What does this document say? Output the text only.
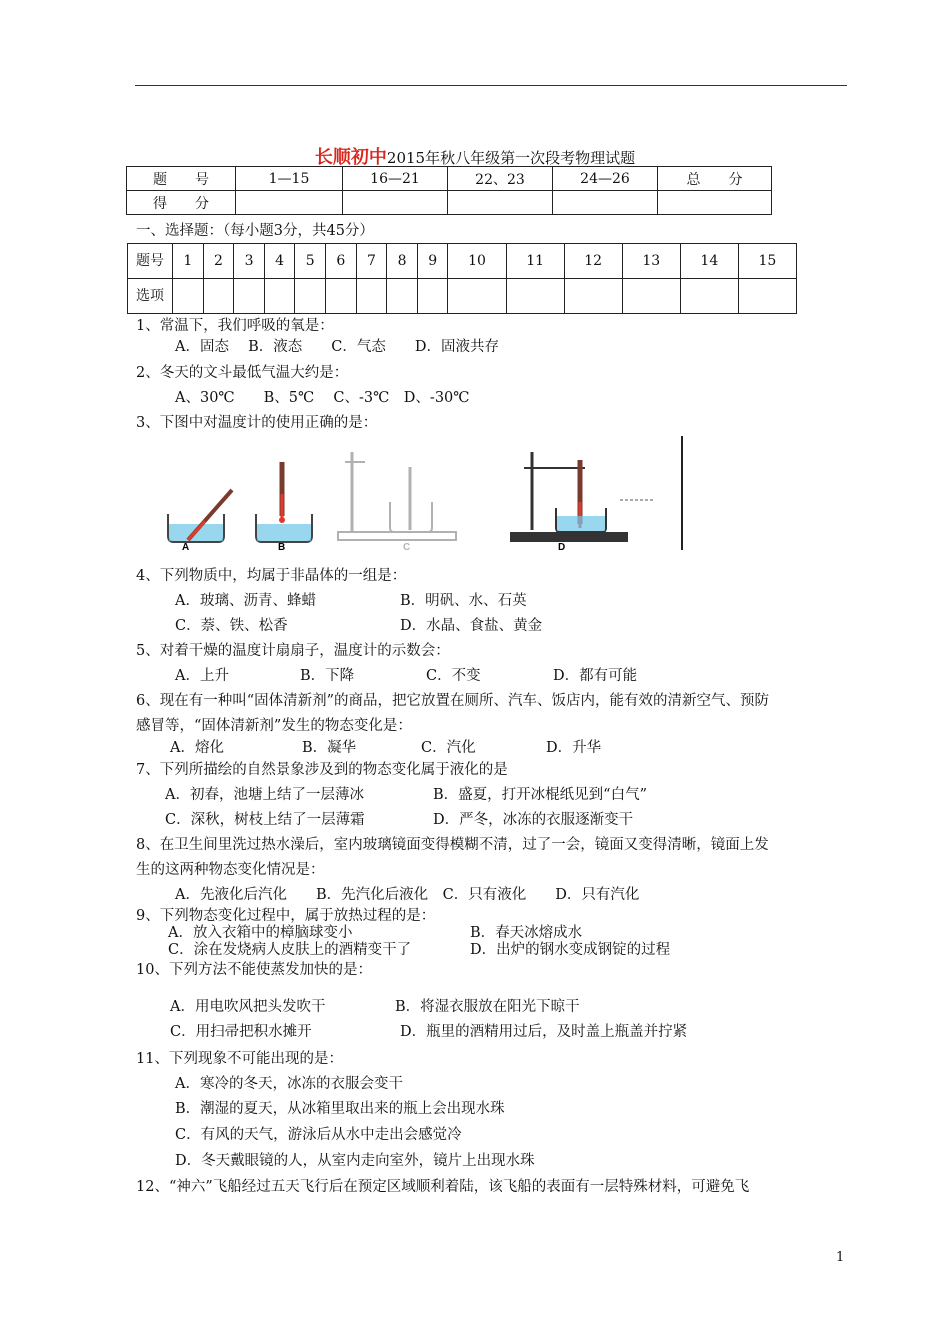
长顺初中2015年秋八年级第一次段考物理试题
题　　号	1—15	16—21	22、23	24—26	总　　分
得　　分					
一、选择题：（每小题3分，共45分）
题号	1	2	3	4	5	6	7	8	9	10	11	12	13	14	15
选项															
1、常温下，我们呼吸的氧是：
A．固态　 B．液态　　C．气态　　D．固液共存
2、冬天的文斗最低气温大约是：
A、30℃　　B、5℃　 C、-3℃　D、-30℃
3、下图中对温度计的使用正确的是：
A	B	C	D
4、下列物质中，均属于非晶体的一组是：
A．玻璃、沥青、蜂蜡	B．明矾、水、石英
C．萘、铁、松香	D．水晶、食盐、黄金
5、对着干燥的温度计扇扇子，温度计的示数会：
A．上升	B．下降	C．不变	D．都有可能
6、现在有一种叫“固体清新剂”的商品，把它放置在厕所、汽车、饭店内，能有效的清新空气、预防
感冒等，“固体清新剂”发生的物态变化是：
A．熔化	B．凝华	C．汽化	D．升华
7、下列所描绘的自然景象涉及到的物态变化属于液化的是
A．初春，池塘上结了一层薄冰	B．盛夏，打开冰棍纸见到“白气”
C．深秋，树枝上结了一层薄霜	D．严冬，冰冻的衣服逐渐变干
8、在卫生间里洗过热水澡后，室内玻璃镜面变得模糊不清，过了一会，镜面又变得清晰，镜面上发
生的这两种物态变化情况是：
A．先液化后汽化　　B．先汽化后液化　C．只有液化　　D．只有汽化
9、下列物态变化过程中，属于放热过程的是：
A．放入衣箱中的樟脑球变小	B．春天冰熔成水
C．涂在发烧病人皮肤上的酒精变干了	D．出炉的钢水变成钢锭的过程
10、下列方法不能使蒸发加快的是：
A．用电吹风把头发吹干	B．将湿衣服放在阳光下晾干
C．用扫帚把积水摊开	D．瓶里的酒精用过后，及时盖上瓶盖并拧紧
11、下列现象不可能出现的是：
A．寒冷的冬天，冰冻的衣服会变干
B．潮湿的夏天，从冰箱里取出来的瓶上会出现水珠
C．有风的天气，游泳后从水中走出会感觉冷
D．冬天戴眼镜的人，从室内走向室外，镜片上出现水珠
12、“神六”飞船经过五天飞行后在预定区域顺利着陆，该飞船的表面有一层特殊材料，可避免飞
1
